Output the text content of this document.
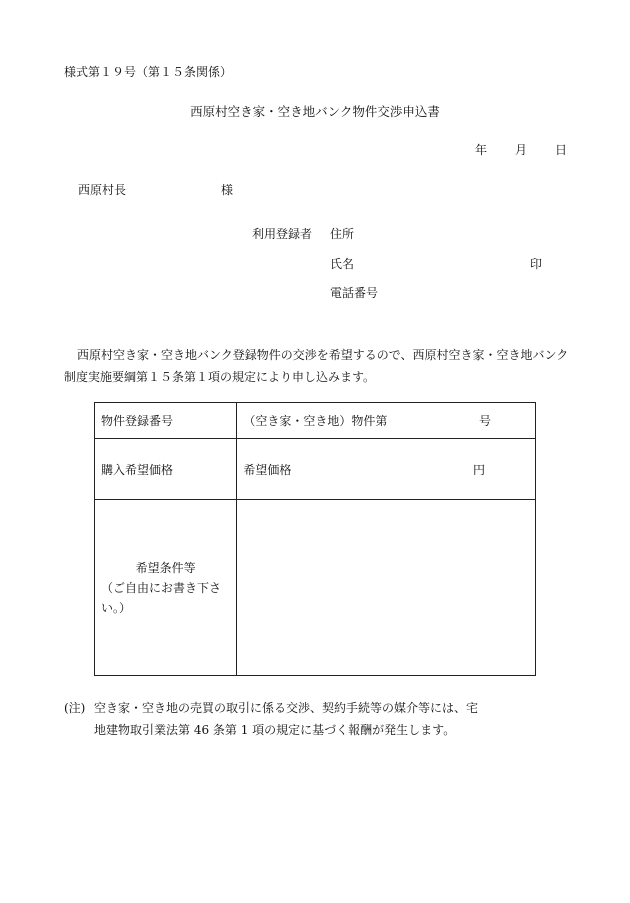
様式第１９号（第１５条関係）
西原村空き家・空き地バンク物件交渉申込書
年 月 日
西原村長	様
利用登録者 住所
氏名	印
電話番号
西原村空き家・空き地バンク登録物件の交渉を希望するので、西原村空き家・空き地バンク制度実施要綱第１５条第１項の規定により申し込みます。
物件登録番号	（空き家・空き地）物件第 号

購入希望価格	希望価格 円

希望条件等
（ご自由にお書き下さい。）	

(注) 空き家・空き地の売買の取引に係る交渉、契約手続等の媒介等には、宅
地建物取引業法第 46 条第 1 項の規定に基づく報酬が発生します。
